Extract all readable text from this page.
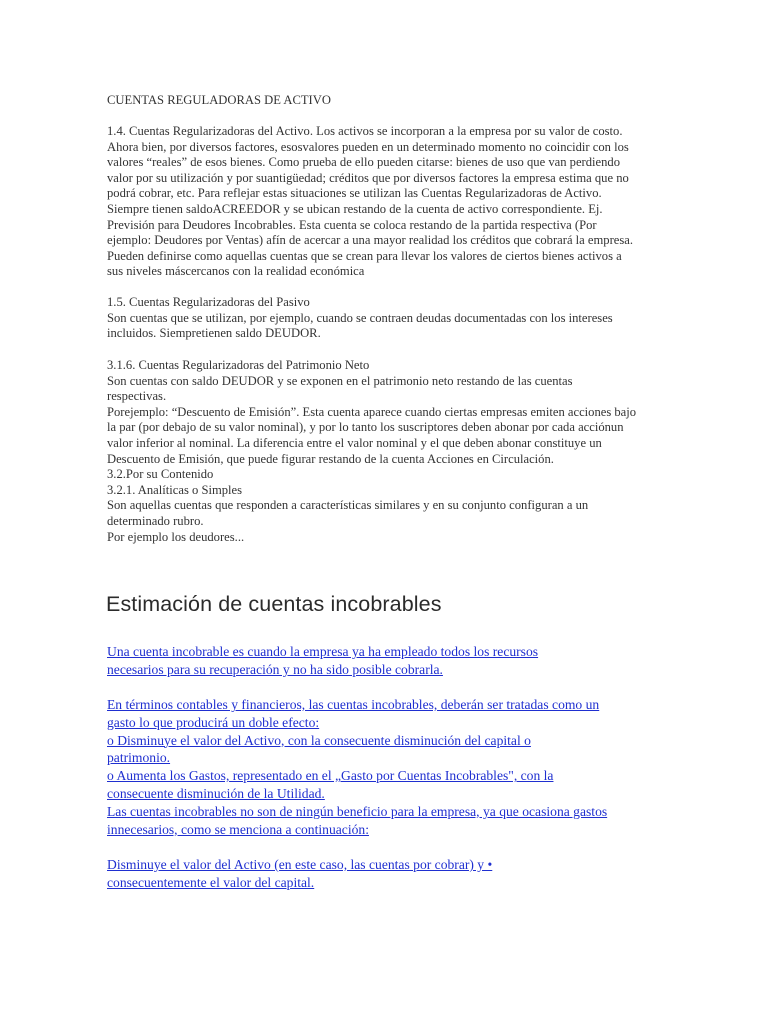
CUENTAS REGULADORAS DE ACTIVO

1.4. Cuentas Regularizadoras del Activo. Los activos se incorporan a la empresa por su valor de costo.

Ahora bien, por diversos factores, esosvalores pueden en un determinado momento no coincidir con los

valores “reales” de esos bienes. Como prueba de ello pueden citarse: bienes de uso que van perdiendo

valor por su utilización y por suantigüedad; créditos que por diversos factores la empresa estima que no

podrá cobrar, etc. Para reflejar estas situaciones se utilizan las Cuentas Regularizadoras de Activo.

Siempre tienen saldoACREEDOR y se ubican restando de la cuenta de activo correspondiente. Ej.

Previsión para Deudores Incobrables. Esta cuenta se coloca restando de la partida respectiva (Por

ejemplo: Deudores por Ventas) afín de acercar a una mayor realidad los créditos que cobrará la empresa.

Pueden definirse como aquellas cuentas que se crean para llevar los valores de ciertos bienes activos a

sus niveles máscercanos con la realidad económica

1.5. Cuentas Regularizadoras del Pasivo

Son cuentas que se utilizan, por ejemplo, cuando se contraen deudas documentadas con los intereses

incluidos. Siempretienen saldo DEUDOR.

3.1.6. Cuentas Regularizadoras del Patrimonio Neto

Son cuentas con saldo DEUDOR y se exponen en el patrimonio neto restando de las cuentas

respectivas.

Porejemplo: “Descuento de Emisión”. Esta cuenta aparece cuando ciertas empresas emiten acciones bajo

la par (por debajo de su valor nominal), y por lo tanto los suscriptores deben abonar por cada acciónun

valor inferior al nominal. La diferencia entre el valor nominal y el que deben abonar constituye un

Descuento de Emisión, que puede figurar restando de la cuenta Acciones en Circulación.

3.2.Por su Contenido

3.2.1. Analíticas o Simples

Son aquellas cuentas que responden a características similares y en su conjunto configuran a un

determinado rubro.

Por ejemplo los deudores...

Estimación de cuentas incobrables
Una cuenta incobrable es cuando la empresa ya ha empleado todos los recursos
necesarios para su recuperación y no ha sido posible cobrarla.
En términos contables y financieros, las cuentas incobrables, deberán ser tratadas como un
gasto lo que producirá un doble efecto:
o Disminuye el valor del Activo, con la consecuente disminución del capital o
patrimonio.
o Aumenta los Gastos, representado en el „Gasto por Cuentas Incobrables", con la
consecuente disminución de la Utilidad.
Las cuentas incobrables no son de ningún beneficio para la empresa, ya que ocasiona gastos
innecesarios, como se menciona a continuación:
Disminuye el valor del Activo (en este caso, las cuentas por cobrar) y •
consecuentemente el valor del capital.
